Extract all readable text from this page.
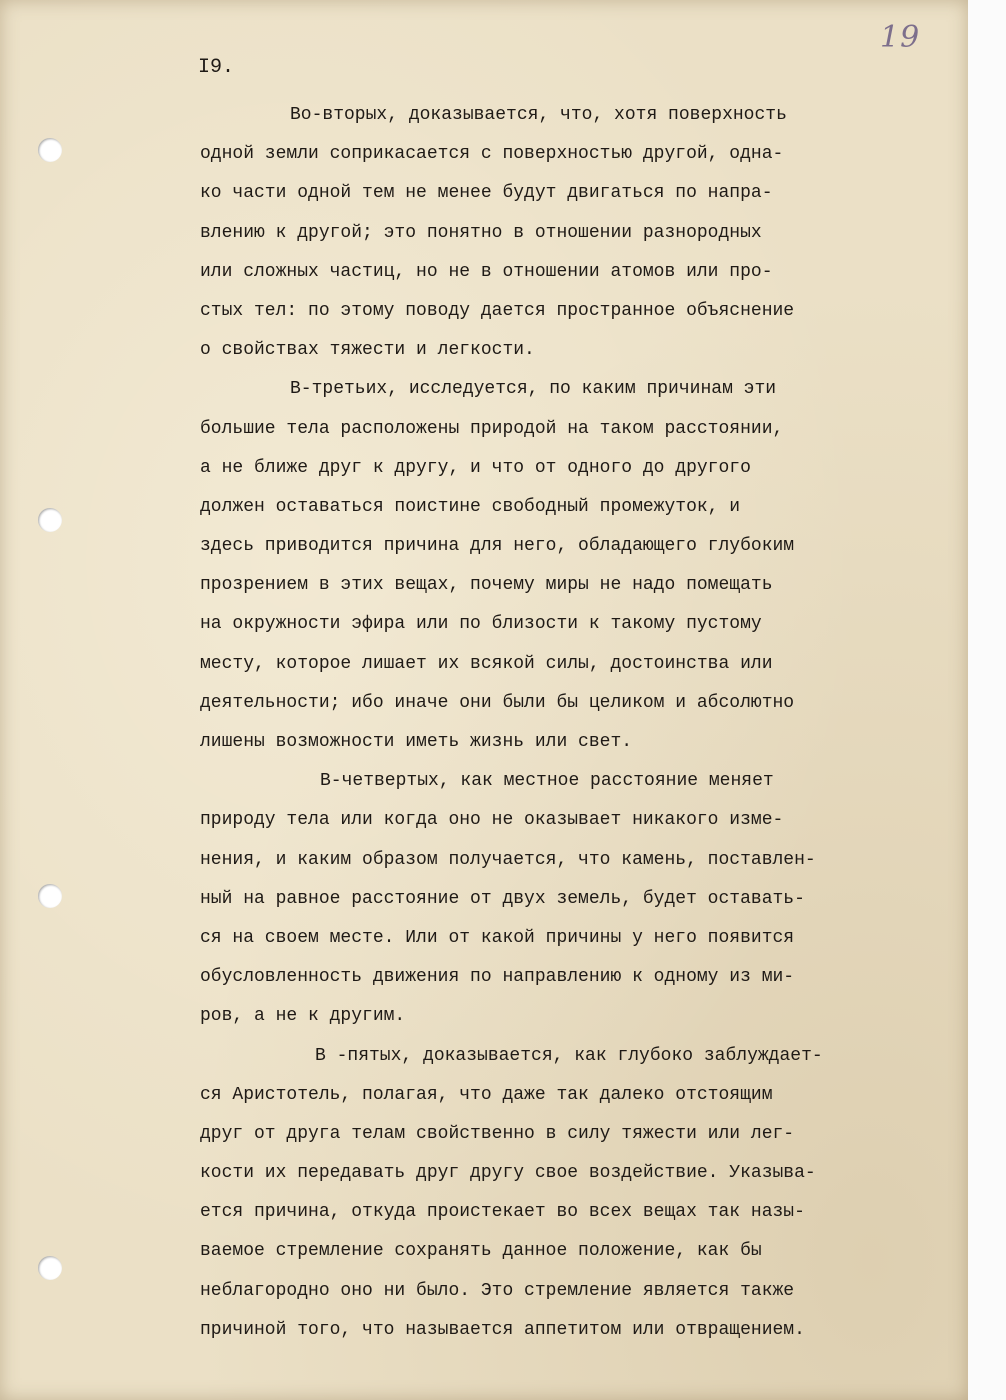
19
I9.
Во-вторых, доказывается, что, хотя поверхность
одной земли соприкасается с поверхностью другой, одна-
ко части одной тем не менее будут двигаться по напра-
влению к другой; это понятно в отношении разнородных
или сложных частиц, но не в отношении атомов или про-
стых тел: по этому поводу дается пространное объяснение
о свойствах тяжести и легкости.
В-третьих, исследуется, по каким причинам эти
большие тела расположены природой на таком расстоянии,
а не ближе друг к другу, и что от одного до другого
должен оставаться поистине свободный промежуток, и
здесь приводится причина для него, обладающего глубоким
прозрением в этих вещах, почему миры не надо помещать
на окружности эфира или по близости к такому пустому
месту, которое лишает их всякой силы, достоинства или
деятельности; ибо иначе они были бы целиком и абсолютно
лишены возможности иметь жизнь или свет.
В-четвертых, как местное расстояние меняет
природу тела или когда оно не оказывает никакого изме-
нения, и каким образом получается, что камень, поставлен-
ный на равное расстояние от двух земель, будет оставать-
ся на своем месте. Или от какой причины у него появится
обусловленность движения по направлению к одному из ми-
ров, а не к другим.
В -пятых, доказывается, как глубоко заблуждает-
ся Аристотель, полагая, что даже так далеко отстоящим
друг от друга телам свойственно в силу тяжести или лег-
кости их передавать друг другу свое воздействие. Указыва-
ется причина, откуда проистекает во всех вещах так назы-
ваемое стремление сохранять данное положение, как бы
неблагородно оно ни было. Это стремление является также
причиной того, что называется аппетитом или отвращением.
